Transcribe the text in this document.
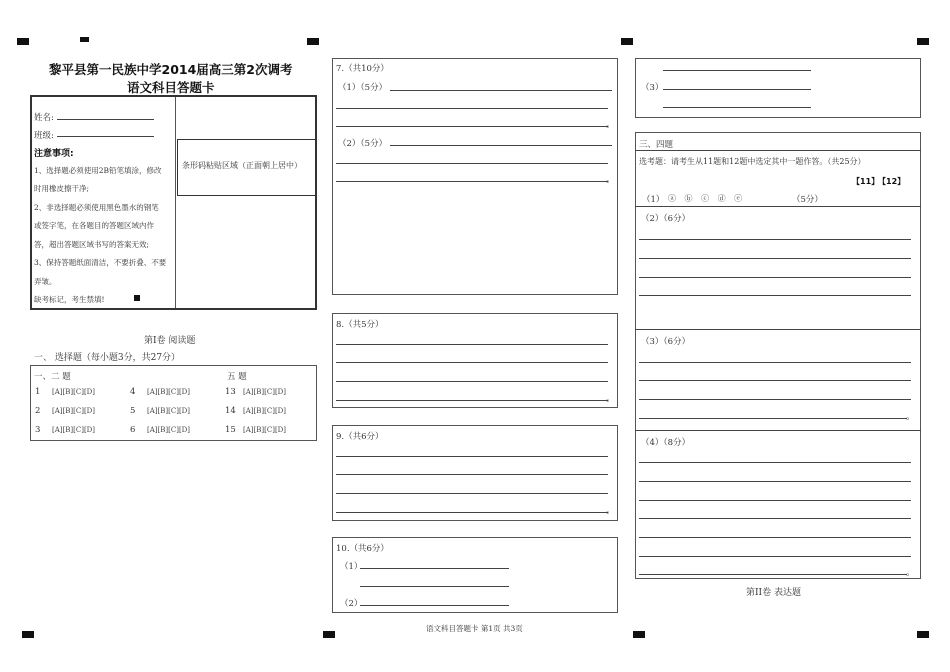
黎平县第一民族中学2014届高三第2次调考
语文科目答题卡
条形码粘贴区域（正面朝上居中）
姓名:
班级:
注意事项:
1、选择题必须使用2B铅笔填涂，修改
时用橡皮擦干净;
2、非选择题必须使用黑色墨水的钢笔
或签字笔，在各题目的答题区域内作
答，超出答题区域书写的答案无效;
3、保持答题纸面清洁，不要折叠、不要
弄皱。
缺考标记，考生禁填!
第I卷 阅读题
一、 选择题（每小题3分，共27分）
一、二 题	五 题
1 [A][B][C][D]	4 [A][B][C][D]	13 [A][B][C][D]
2 [A][B][C][D]	5 [A][B][C][D]	14 [A][B][C][D]
3 [A][B][C][D]	6 [A][B][C][D]	15 [A][B][C][D]
7.（共10分）
（1）（5分）
。
（2）（5分）
。
8.（共5分）
。
9.（共6分）
。
10.（共6分）
（1）
（2）
语文科目答题卡 第1页 共3页
（3）
三、四题
选考题：请考生从11题和12题中选定其中一题作答。（共25分）
【11】
【12】
（1） ⓐ ⓑ ⓒ ⓓ ⓔ	（5分）
（2）（6分）
（3）（6分）
。
（4）（8分）
。
第II卷 表达题
